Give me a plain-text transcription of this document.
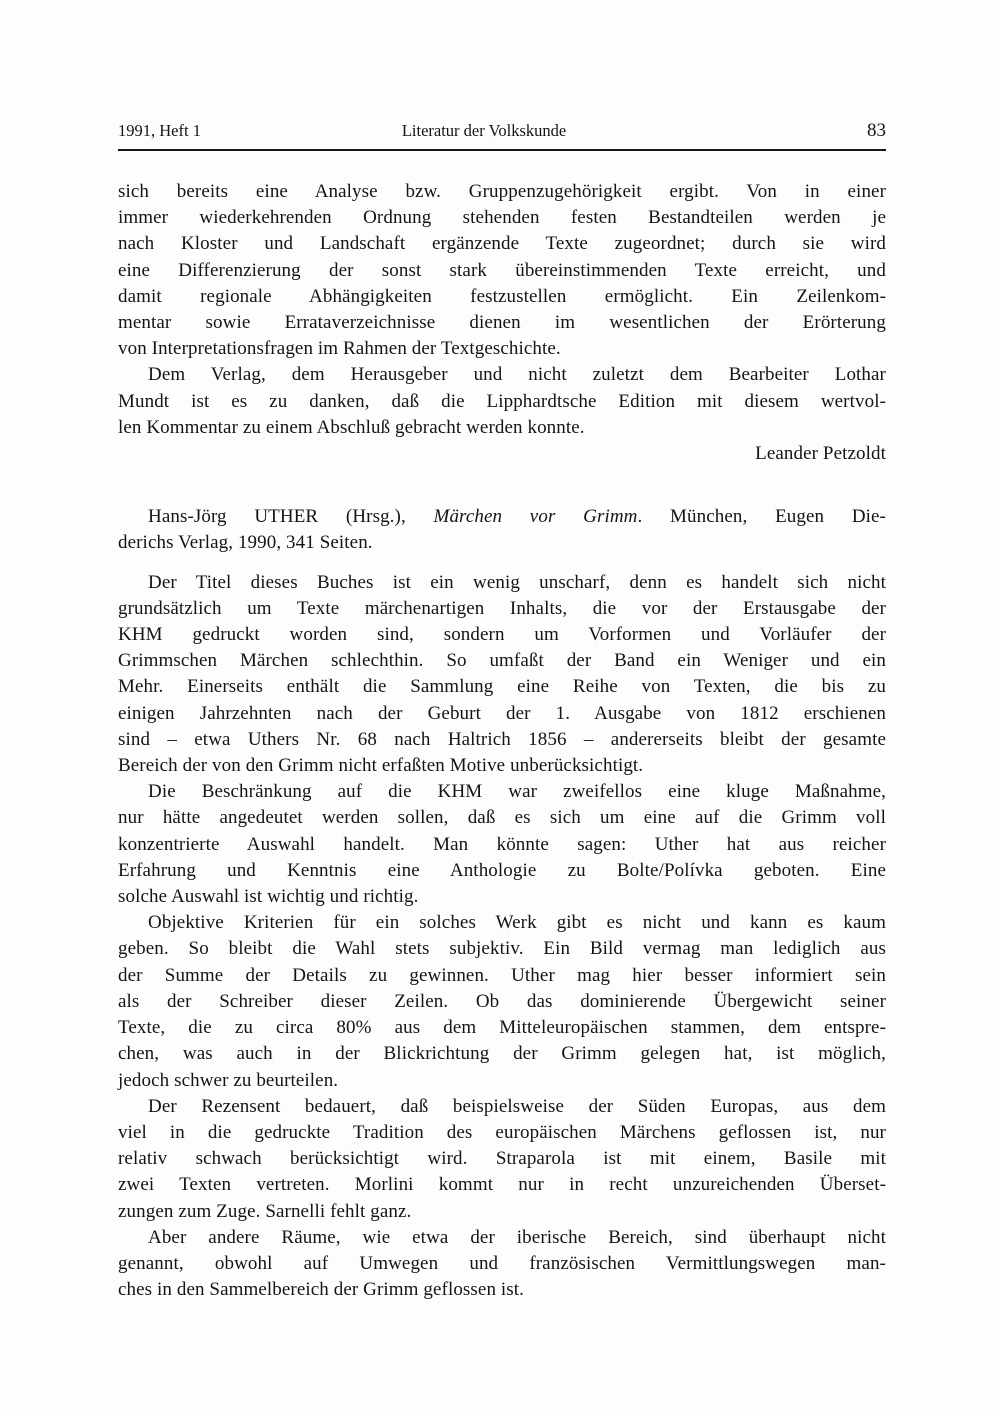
1991, Heft 1	Literatur der Volkskunde	83
sich bereits eine Analyse bzw. Gruppenzugehörigkeit ergibt. Von in einer
immer wiederkehrenden Ordnung stehenden festen Bestandteilen werden je
nach Kloster und Landschaft ergänzende Texte zugeordnet; durch sie wird
eine Differenzierung der sonst stark übereinstimmenden Texte erreicht, und
damit regionale Abhängigkeiten festzustellen ermöglicht. Ein Zeilenkom-
mentar sowie Errataverzeichnisse dienen im wesentlichen der Erörterung
von Interpretationsfragen im Rahmen der Textgeschichte.
Dem Verlag, dem Herausgeber und nicht zuletzt dem Bearbeiter Lothar
Mundt ist es zu danken, daß die Lipphardtsche Edition mit diesem wertvol-
len Kommentar zu einem Abschluß gebracht werden konnte.
Leander Petzoldt
Hans-Jörg UTHER (Hrsg.), Märchen vor Grimm. München, Eugen Die-
derichs Verlag, 1990, 341 Seiten.
Der Titel dieses Buches ist ein wenig unscharf, denn es handelt sich nicht
grundsätzlich um Texte märchenartigen Inhalts, die vor der Erstausgabe der
KHM gedruckt worden sind, sondern um Vorformen und Vorläufer der
Grimmschen Märchen schlechthin. So umfaßt der Band ein Weniger und ein
Mehr. Einerseits enthält die Sammlung eine Reihe von Texten, die bis zu
einigen Jahrzehnten nach der Geburt der 1. Ausgabe von 1812 erschienen
sind – etwa Uthers Nr. 68 nach Haltrich 1856 – andererseits bleibt der gesamte
Bereich der von den Grimm nicht erfaßten Motive unberücksichtigt.
Die Beschränkung auf die KHM war zweifellos eine kluge Maßnahme,
nur hätte angedeutet werden sollen, daß es sich um eine auf die Grimm voll
konzentrierte Auswahl handelt. Man könnte sagen: Uther hat aus reicher
Erfahrung und Kenntnis eine Anthologie zu Bolte/Polívka geboten. Eine
solche Auswahl ist wichtig und richtig.
Objektive Kriterien für ein solches Werk gibt es nicht und kann es kaum
geben. So bleibt die Wahl stets subjektiv. Ein Bild vermag man lediglich aus
der Summe der Details zu gewinnen. Uther mag hier besser informiert sein
als der Schreiber dieser Zeilen. Ob das dominierende Übergewicht seiner
Texte, die zu circa 80% aus dem Mitteleuropäischen stammen, dem entspre-
chen, was auch in der Blickrichtung der Grimm gelegen hat, ist möglich,
jedoch schwer zu beurteilen.
Der Rezensent bedauert, daß beispielsweise der Süden Europas, aus dem
viel in die gedruckte Tradition des europäischen Märchens geflossen ist, nur
relativ schwach berücksichtigt wird. Straparola ist mit einem, Basile mit
zwei Texten vertreten. Morlini kommt nur in recht unzureichenden Überset-
zungen zum Zuge. Sarnelli fehlt ganz.
Aber andere Räume, wie etwa der iberische Bereich, sind überhaupt nicht
genannt, obwohl auf Umwegen und französischen Vermittlungswegen man-
ches in den Sammelbereich der Grimm geflossen ist.
